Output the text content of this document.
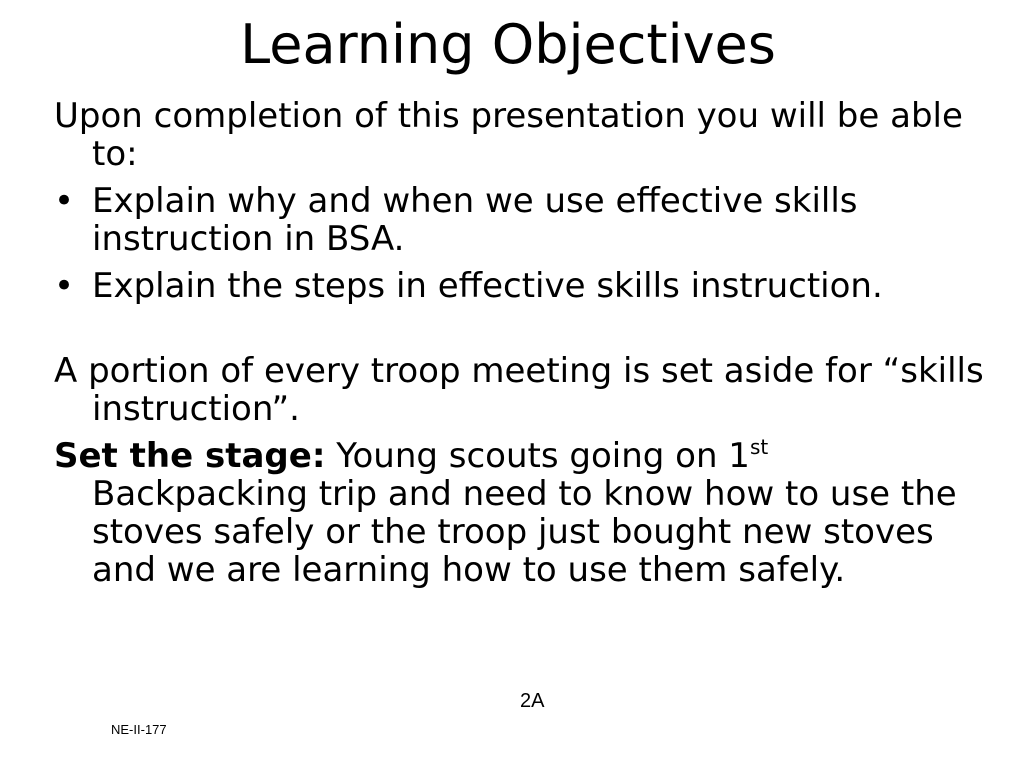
Learning Objectives

Upon completion of this presentation you will be able to:

• Explain why and when we use effective skills instruction in BSA.

• Explain the steps in effective skills instruction.

A portion of every troop meeting is set aside for “skills instruction”.

Set the stage: Young scouts going on 1st Backpacking trip and need to know how to use the stoves safely or the troop just bought new stoves and we are learning how to use them safely.

2A
NE-II-177
